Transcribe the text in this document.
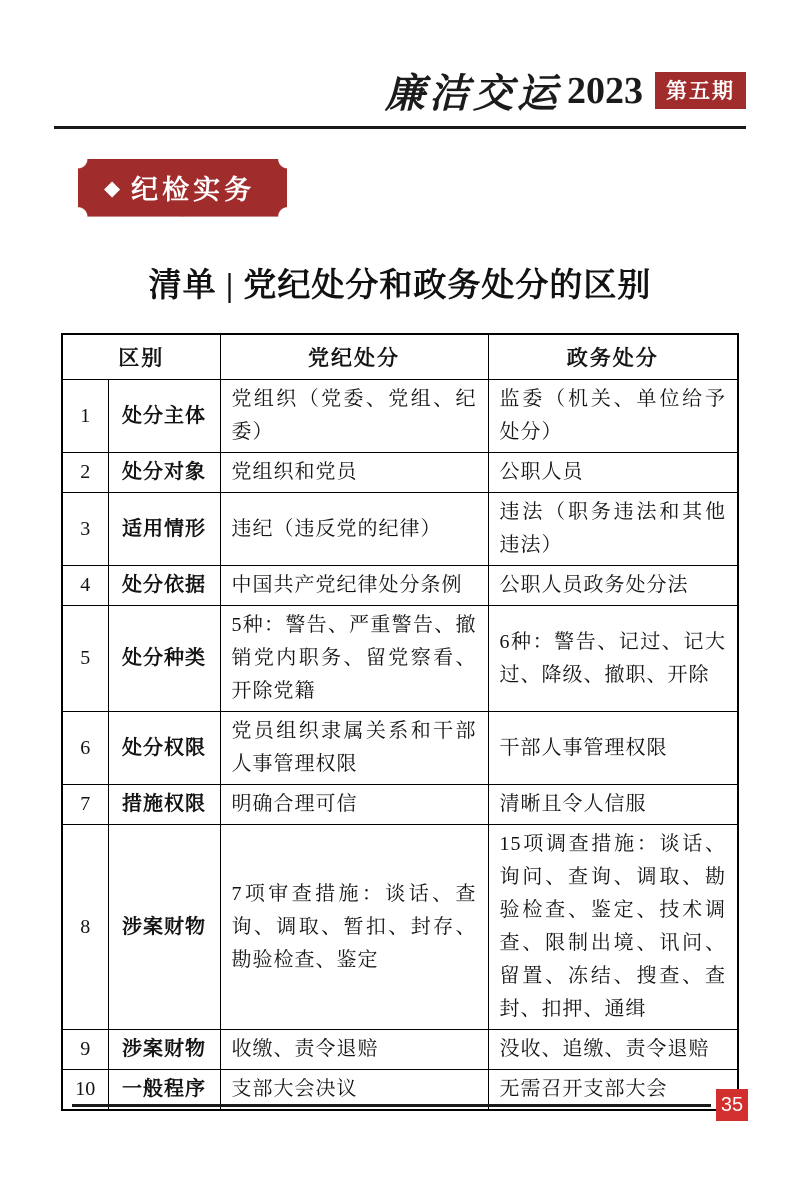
廉洁交运 2023	第五期
◆ 纪检实务
清单 | 党纪处分和政务处分的区别
区别		党纪处分	政务处分
1	处分主体	党组织（党委、党组、纪委）	监委（机关、单位给予处分）
2	处分对象	党组织和党员	公职人员
3	适用情形	违纪（违反党的纪律）	违法（职务违法和其他违法）
4	处分依据	中国共产党纪律处分条例	公职人员政务处分法
5	处分种类	5种：警告、严重警告、撤销党内职务、留党察看、开除党籍	6种：警告、记过、记大过、降级、撤职、开除
6	处分权限	党员组织隶属关系和干部人事管理权限	干部人事管理权限
7	措施权限	明确合理可信	清晰且令人信服
8	涉案财物	7项审查措施：谈话、查询、调取、暂扣、封存、勘验检查、鉴定	15项调查措施：谈话、询问、查询、调取、勘验检查、鉴定、技术调查、限制出境、讯问、留置、冻结、搜查、查封、扣押、通缉
9	涉案财物	收缴、责令退赔	没收、追缴、责令退赔
10	一般程序	支部大会决议	无需召开支部大会
35
